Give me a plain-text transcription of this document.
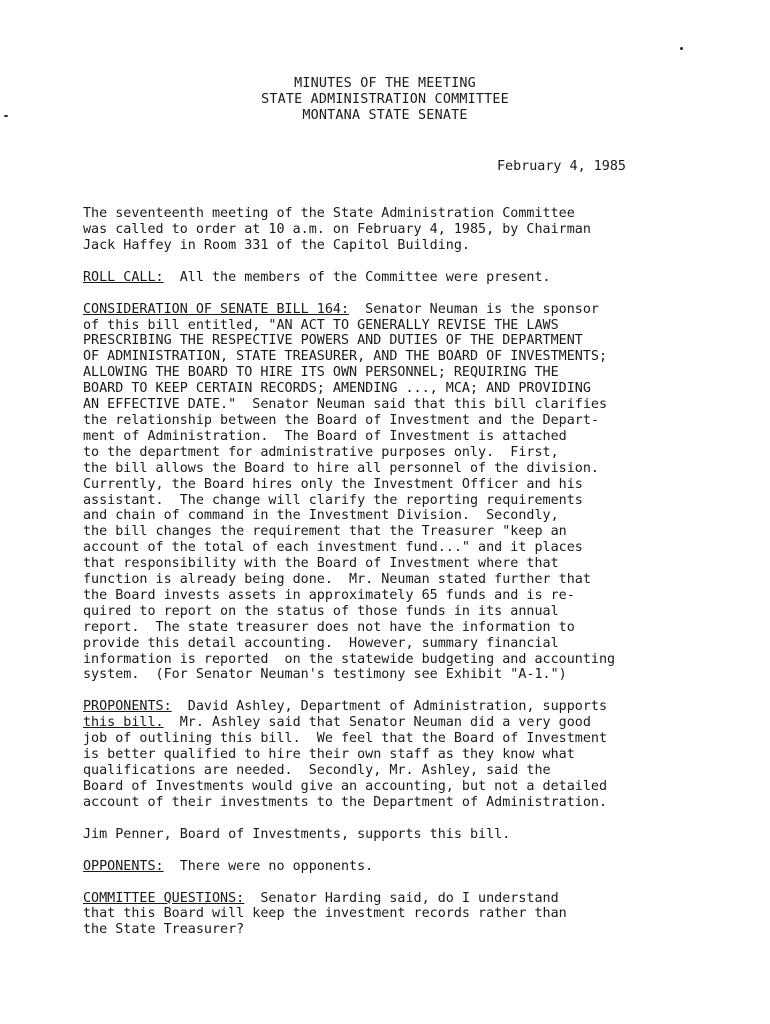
MINUTES OF THE MEETING
STATE ADMINISTRATION COMMITTEE
MONTANA STATE SENATE
February 4, 1985
The seventeenth meeting of the State Administration Committee
was called to order at 10 a.m. on February 4, 1985, by Chairman
Jack Haffey in Room 331 of the Capitol Building.
ROLL CALL:  All the members of the Committee were present.
CONSIDERATION OF SENATE BILL 164:  Senator Neuman is the sponsor
of this bill entitled, "AN ACT TO GENERALLY REVISE THE LAWS
PRESCRIBING THE RESPECTIVE POWERS AND DUTIES OF THE DEPARTMENT
OF ADMINISTRATION, STATE TREASURER, AND THE BOARD OF INVESTMENTS;
ALLOWING THE BOARD TO HIRE ITS OWN PERSONNEL; REQUIRING THE
BOARD TO KEEP CERTAIN RECORDS; AMENDING ..., MCA; AND PROVIDING
AN EFFECTIVE DATE."  Senator Neuman said that this bill clarifies
the relationship between the Board of Investment and the Depart-
ment of Administration.  The Board of Investment is attached
to the department for administrative purposes only.  First,
the bill allows the Board to hire all personnel of the division.
Currently, the Board hires only the Investment Officer and his
assistant.  The change will clarify the reporting requirements
and chain of command in the Investment Division.  Secondly,
the bill changes the requirement that the Treasurer "keep an
account of the total of each investment fund..." and it places
that responsibility with the Board of Investment where that
function is already being done.  Mr. Neuman stated further that
the Board invests assets in approximately 65 funds and is re-
quired to report on the status of those funds in its annual
report.  The state treasurer does not have the information to
provide this detail accounting.  However, summary financial
information is reported  on the statewide budgeting and accounting
system.  (For Senator Neuman's testimony see Exhibit "A-1.")
PROPONENTS:  David Ashley, Department of Administration, supports
this bill.  Mr. Ashley said that Senator Neuman did a very good
job of outlining this bill.  We feel that the Board of Investment
is better qualified to hire their own staff as they know what
qualifications are needed.  Secondly, Mr. Ashley, said the
Board of Investments would give an accounting, but not a detailed
account of their investments to the Department of Administration.
Jim Penner, Board of Investments, supports this bill.
OPPONENTS:  There were no opponents.
COMMITTEE QUESTIONS:  Senator Harding said, do I understand
that this Board will keep the investment records rather than
the State Treasurer?
